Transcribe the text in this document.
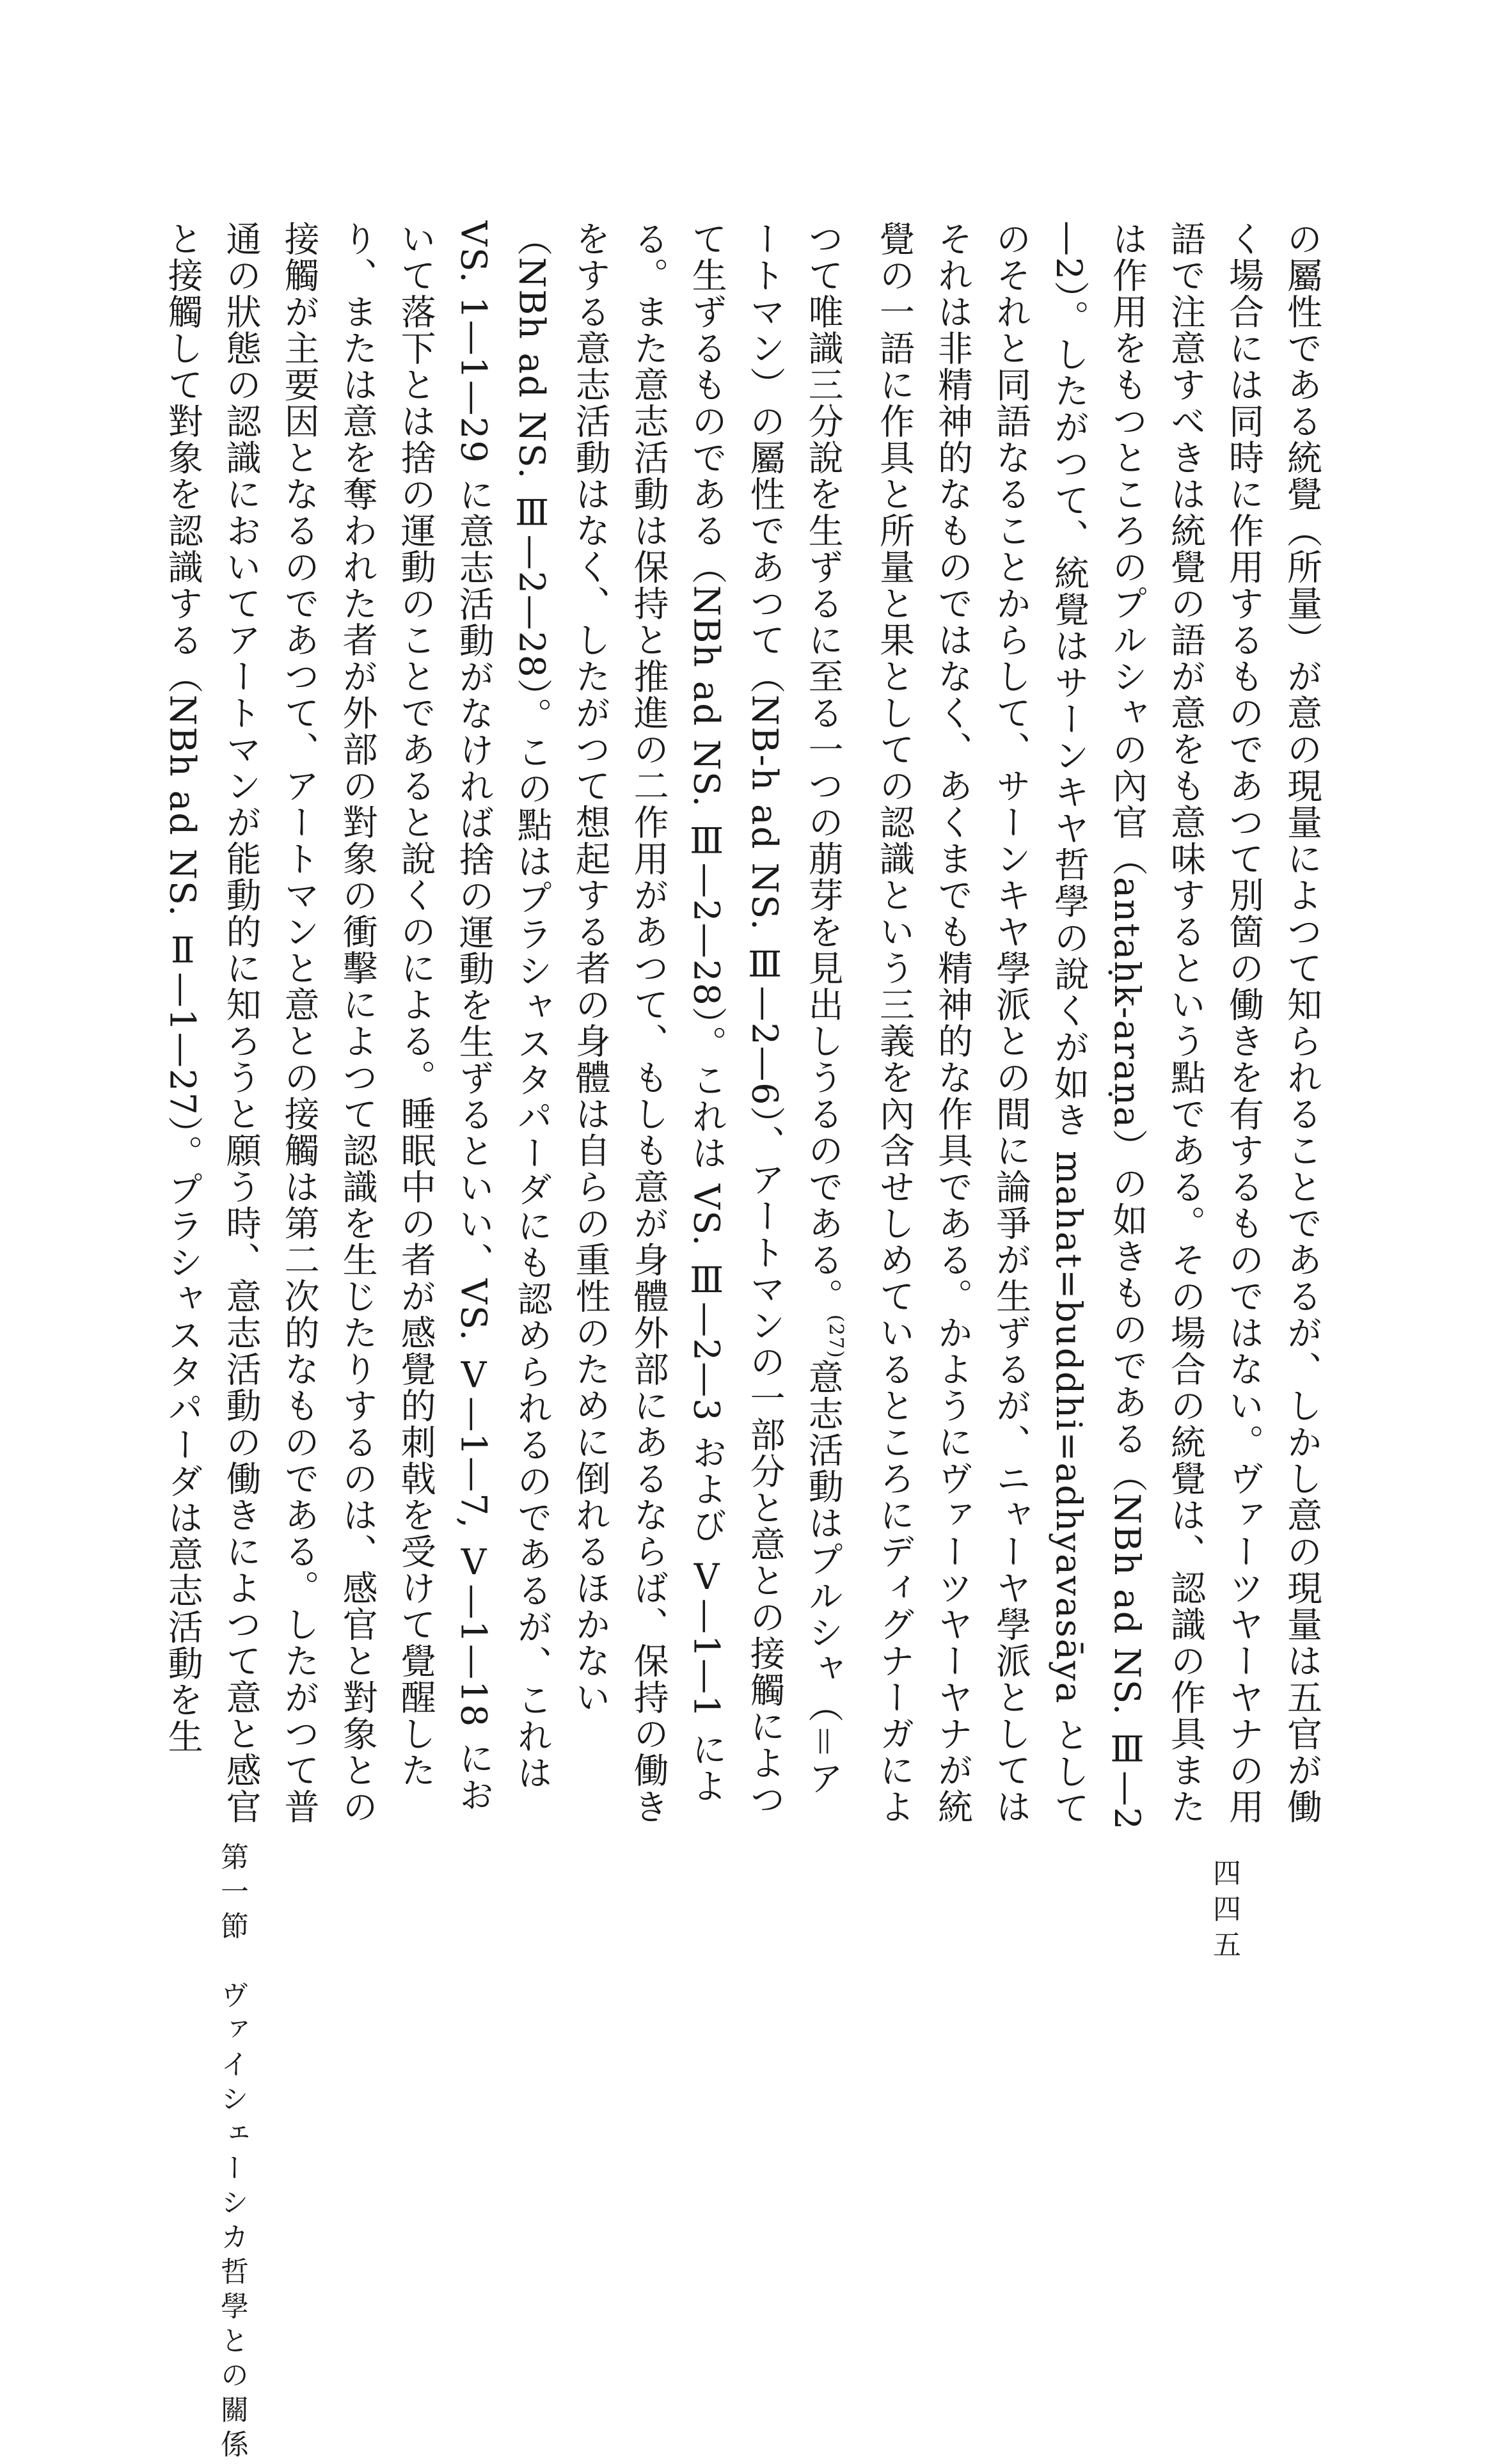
の屬性である統覺（所量）が意の現量によつて知られることであるが、しかし意の現量は五官が働く場合には同時に作用するものであつて別箇の働きを有するものではない。ヴァーツヤーヤナの用語で注意すべきは統覺の語が意をも意味するという點である。その場合の統覺は、認識の作具または作用をもつところのプルシャの內官（antaḥk-araṇa）の如きものである（NBh ad NS. Ⅲ—2—2）。したがつて、統覺はサーンキヤ哲學の說くが如き mahat=buddhi=adhyavasāya としてのそれと同語なることからして、サーンキヤ學派との間に論爭が生ずるが、ニャーヤ學派としてはそれは非精神的なものではなく、あくまでも精神的な作具である。かようにヴァーツヤーヤナが統覺の一語に作具と所量と果としての認識という三義を內含せしめているところにディグナーガによつて唯識三分說を生ずるに至る一つの萠芽を見出しうるのである。$^{(27)}$意志活動はプルシャ（＝アートマン）の屬性であつて（NB-h ad NS. Ⅲ—2—6）、アートマンの一部分と意との接觸によつて生ずるものである（NBh ad NS. Ⅲ—2—28）。これは VS. Ⅲ—2—3 および Ⅴ—1—1 による。また意志活動は保持と推進の二作用があつて、もしも意が身體外部にあるならば、保持の働きをする意志活動はなく、したがつて想起する者の身體は自らの重性のために倒れるほかない（NBh ad NS. Ⅲ—2—28）。この點はプラシャスタパーダにも認められるのであるが、これは VS. 1—1—29 に意志活動がなければ捨の運動を生ずるといい、VS. Ⅴ—1—7, Ⅴ—1—18 において落下とは捨の運動のことであると說くのによる。睡眠中の者が感覺的刺戟を受けて覺醒したり、または意を奪われた者が外部の對象の衝擊によつて認識を生じたりするのは、感官と對象との接觸が主要因となるのであつて、アートマンと意との接觸は第二次的なものである。したがつて普通の狀態の認識においてアートマンが能動的に知ろうと願う時、意志活動の働きによつて意と感官と接觸して對象を認識する（NBh ad NS. Ⅱ—1—27）。プラシャスタパーダは意志活動を生

四四五
第一節　ヴァイシェーシカ哲學との關係
